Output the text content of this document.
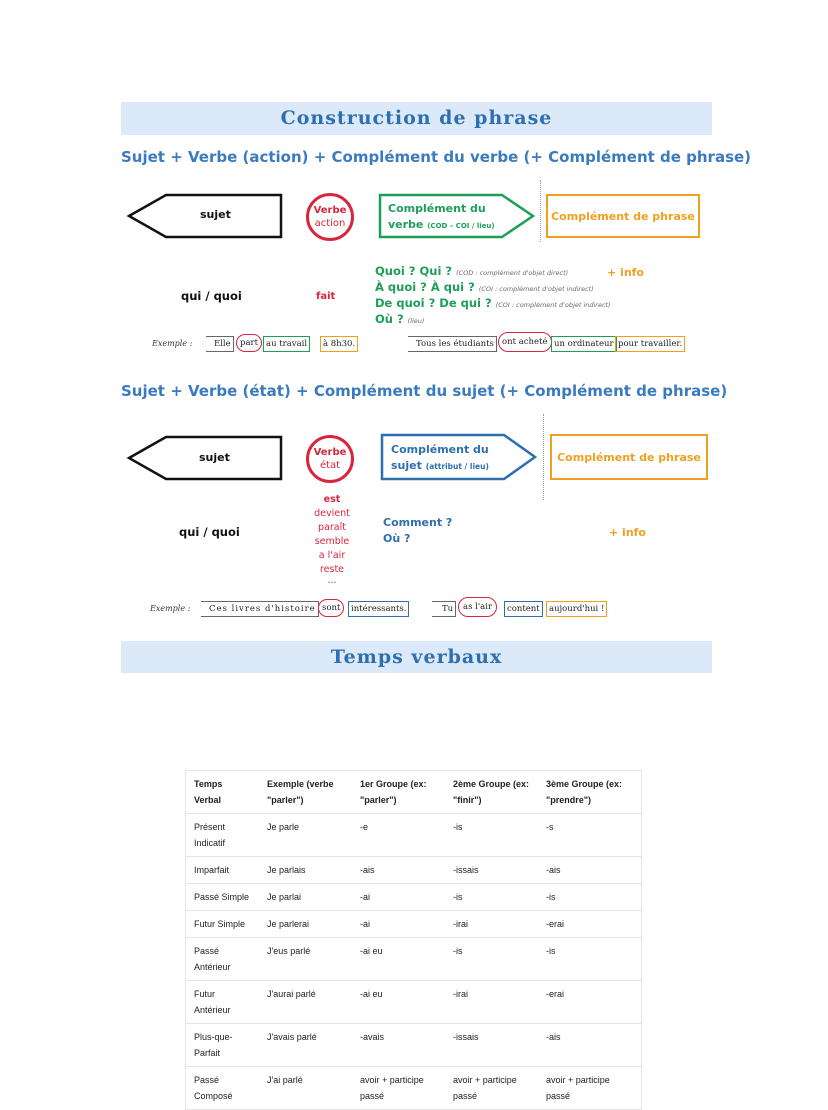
Construction de phrase
Sujet + Verbe (action) + Complément du verbe (+ Complément de phrase)
sujet	Verbe
action
Complément du
verbe (COD – COI / lieu)
Complément de phrase
qui / quoi	fait
Quoi ? Qui ? (COD : complément d'objet direct)
À quoi ? À qui ? (COI : complément d'objet indirect)
De quoi ? De qui ? (COI : complément d'objet indirect)
Où ? (lieu)
+ info
Exemple :	Elle	part au travail	à 8h30.	Tous les étudiants ont acheté un ordinateur pour travailler.
Sujet + Verbe (état) + Complément du sujet (+ Complément de phrase)
sujet	Verbe
état
Complément du
sujet (attribut / lieu)
Complément de phrase
qui / quoi
est
devient
paraît
semble
a l'air
reste
...
Comment ?
Où ?	+ info
Exemple :	Ces livres d'histoire sont	intéressants.	Tu	as l'air	content	aujourd'hui !
Temps verbaux
Temps Verbal	Exemple (verbe "parler")	1er Groupe (ex: "parler")	2ème Groupe (ex: "finir")	3ème Groupe (ex: "prendre")
Présent Indicatif	Je parle	-e	-is	-s
Imparfait	Je parlais	-ais	-issais	-ais
Passé Simple	Je parlai	-ai	-is	-is
Futur Simple	Je parlerai	-ai	-irai	-erai
Passé Antérieur	J'eus parlé	-ai eu	-is	-is
Futur Antérieur	J'aurai parlé	-ai eu	-irai	-erai
Plus-que-Parfait	J'avais parlé	-avais	-issais	-ais
Passé Composé	J'ai parlé	avoir + participe passé	avoir + participe passé	avoir + participe passé
